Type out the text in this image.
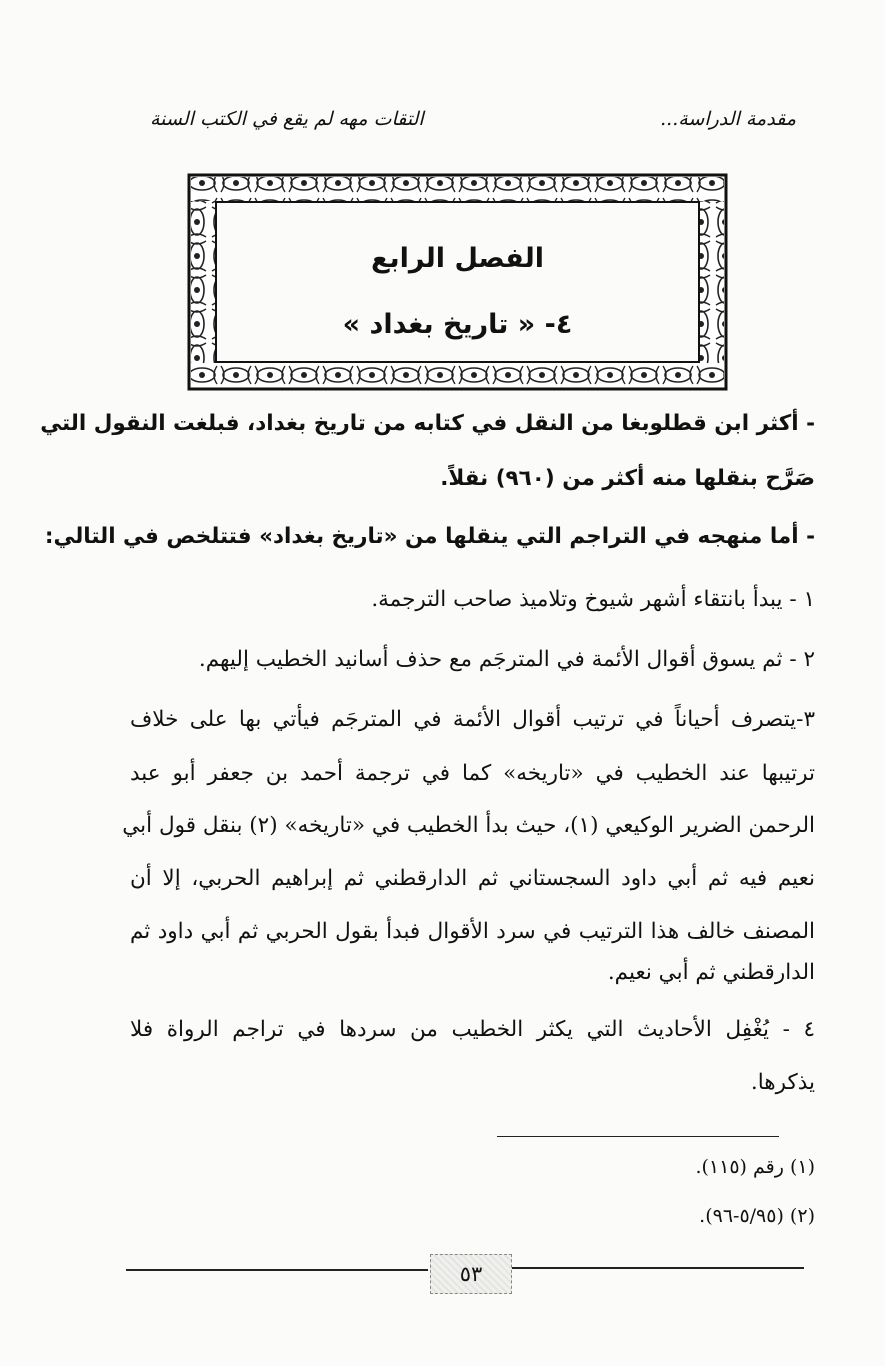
مقدمة الدراسة...
التقات مهه لم يقع في الكتب السنة
الفصل الرابع
٤- « تاريخ بغداد »
- أكثر ابن قطلوبغا من النقل في كتابه من تاريخ بغداد، فبلغت النقول التي
صَرَّح بنقلها منه أكثر من (٩٦٠) نقلاً.
- أما منهجه في التراجم التي ينقلها من «تاريخ بغداد» فتتلخص في التالي:
١ - يبدأ بانتقاء أشهر شيوخ وتلاميذ صاحب الترجمة.
٢ - ثم يسوق أقوال الأئمة في المترجَم مع حذف أسانيد الخطيب إليهم.
٣-يتصرف أحياناً في ترتيب أقوال الأئمة في المترجَم فيأتي بها على خلاف
ترتيبها عند الخطيب في «تاريخه» كما في ترجمة أحمد بن جعفر أبو عبد
الرحمن الضرير الوكيعي (١)، حيث بدأ الخطيب في «تاريخه» (٢) بنقل قول أبي
نعيم فيه ثم أبي داود السجستاني ثم الدارقطني ثم إبراهيم الحربي، إلا أن
المصنف خالف هذا الترتيب في سرد الأقوال فبدأ بقول الحربي ثم أبي داود ثم
الدارقطني ثم أبي نعيم.
٤ - يُغْفِل الأحاديث التي يكثر الخطيب من سردها في تراجم الرواة فلا
يذكرها.
(١) رقم (١١٥).
(٢) (٥/٩٥-٩٦).
٥٣
